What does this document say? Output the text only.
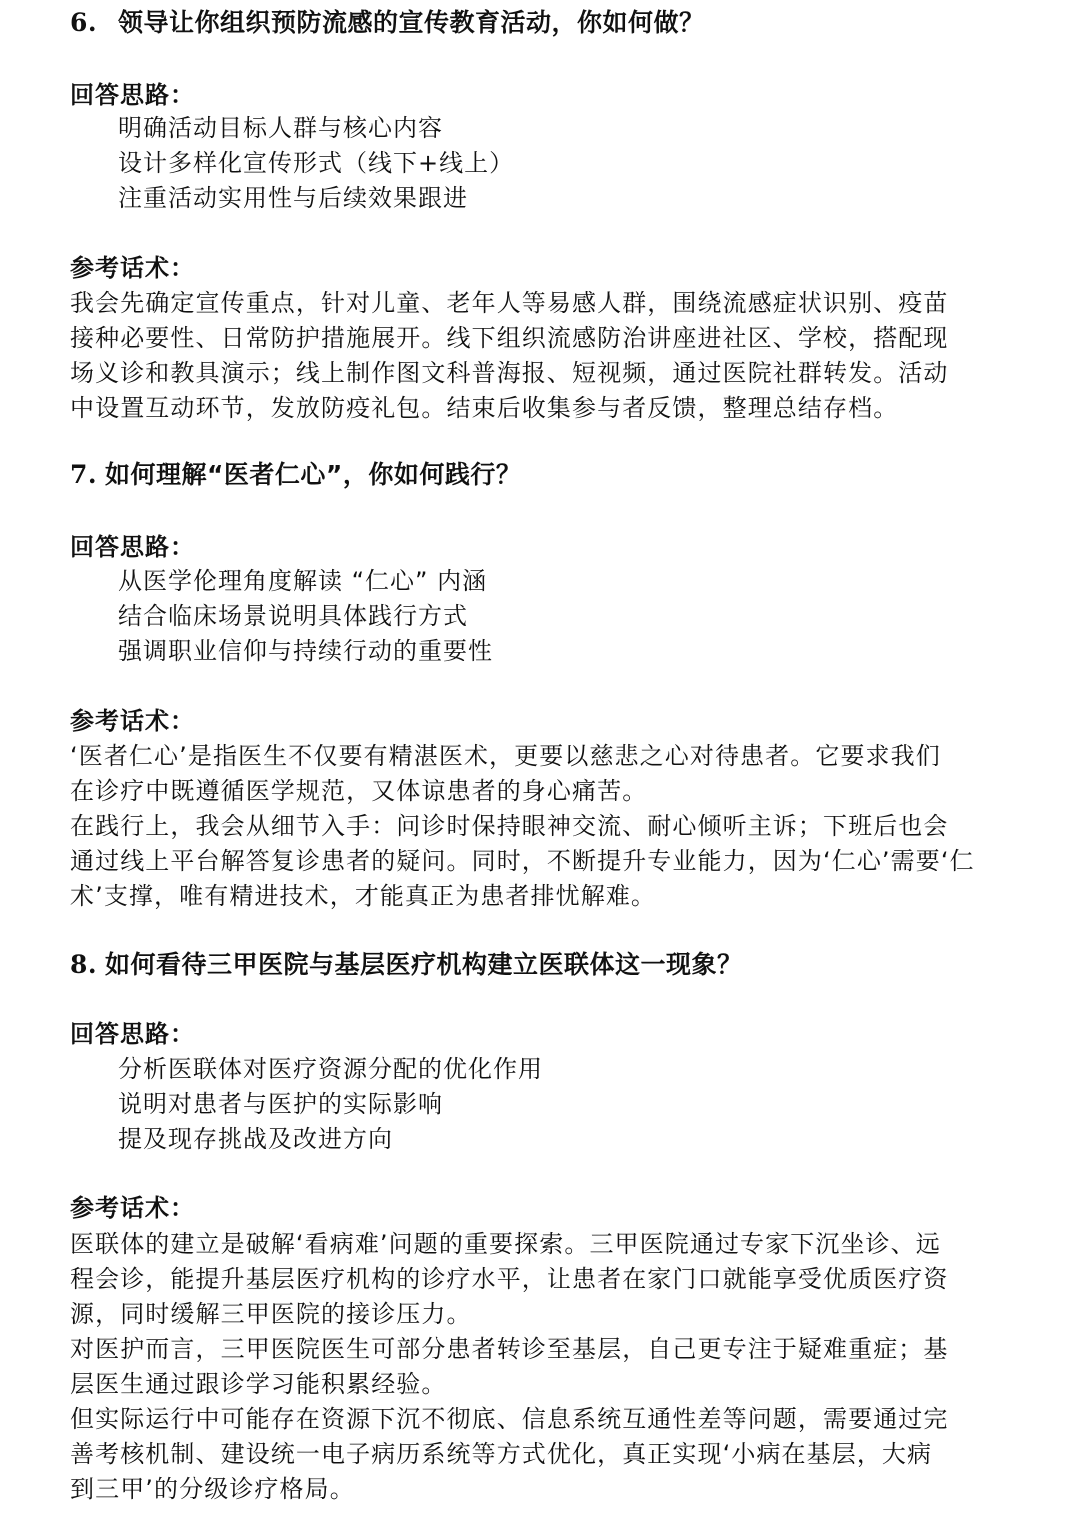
6. 领导让你组织预防流感的宣传教育活动，你如何做？
回答思路：
明确活动目标人群与核心内容
设计多样化宣传形式（线下+线上）
注重活动实用性与后续效果跟进
参考话术：
我会先确定宣传重点，针对儿童、老年人等易感人群，围绕流感症状识别、疫苗
接种必要性、日常防护措施展开。线下组织流感防治讲座进社区、学校，搭配现
场义诊和教具演示；线上制作图文科普海报、短视频，通过医院社群转发。活动
中设置互动环节，发放防疫礼包。结束后收集参与者反馈，整理总结存档。
7. 如何理解“医者仁心”，你如何践行？
回答思路：
从医学伦理角度解读 “仁心” 内涵
结合临床场景说明具体践行方式
强调职业信仰与持续行动的重要性
参考话术：
‘医者仁心’是指医生不仅要有精湛医术，更要以慈悲之心对待患者。它要求我们
在诊疗中既遵循医学规范，又体谅患者的身心痛苦。
在践行上，我会从细节入手：问诊时保持眼神交流、耐心倾听主诉；下班后也会
通过线上平台解答复诊患者的疑问。同时，不断提升专业能力，因为‘仁心’需要‘仁
术’支撑，唯有精进技术，才能真正为患者排忧解难。
8. 如何看待三甲医院与基层医疗机构建立医联体这一现象？
回答思路：
分析医联体对医疗资源分配的优化作用
说明对患者与医护的实际影响
提及现存挑战及改进方向
参考话术：
医联体的建立是破解‘看病难’问题的重要探索。三甲医院通过专家下沉坐诊、远
程会诊，能提升基层医疗机构的诊疗水平，让患者在家门口就能享受优质医疗资
源，同时缓解三甲医院的接诊压力。
对医护而言，三甲医院医生可部分患者转诊至基层，自己更专注于疑难重症；基
层医生通过跟诊学习能积累经验。
但实际运行中可能存在资源下沉不彻底、信息系统互通性差等问题，需要通过完
善考核机制、建设统一电子病历系统等方式优化，真正实现‘小病在基层，大病
到三甲’的分级诊疗格局。
